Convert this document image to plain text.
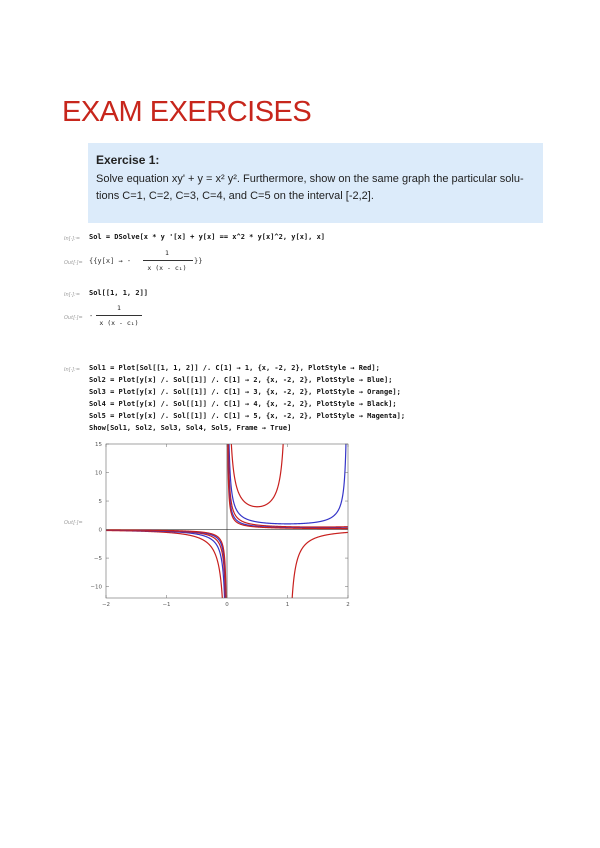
EXAM EXERCISES
Exercise 1:
Solve equation xy' + y = x² y². Furthermore, show on the same graph the particular solu-
tions C=1, C=2, C=3, C=4, and C=5 on the interval [-2,2].
In[·]:= Sol = DSolve[x * y '[x] + y[x] == x^2 * y[x]^2, y[x], x]
Out[·]= {{y[x] → -
1
x (x - c₁)
}}
In[·]:= Sol[[1, 1, 2]]
Out[·]= -
1
x (x - c₁)
In[·]:= Sol1 = Plot[Sol[[1, 1, 2]] /. C[1] → 1, {x, -2, 2}, PlotStyle → Red];
Sol2 = Plot[y[x] /. Sol[[1]] /. C[1] → 2, {x, -2, 2}, PlotStyle → Blue];
Sol3 = Plot[y[x] /. Sol[[1]] /. C[1] → 3, {x, -2, 2}, PlotStyle → Orange];
Sol4 = Plot[y[x] /. Sol[[1]] /. C[1] → 4, {x, -2, 2}, PlotStyle → Black];
Sol5 = Plot[y[x] /. Sol[[1]] /. C[1] → 5, {x, -2, 2}, PlotStyle → Magenta];
Show[Sol1, Sol2, Sol3, Sol4, Sol5, Frame → True]
Out[·]=
−2	−1	0	1	2
−10
−5
0
5
10
15
